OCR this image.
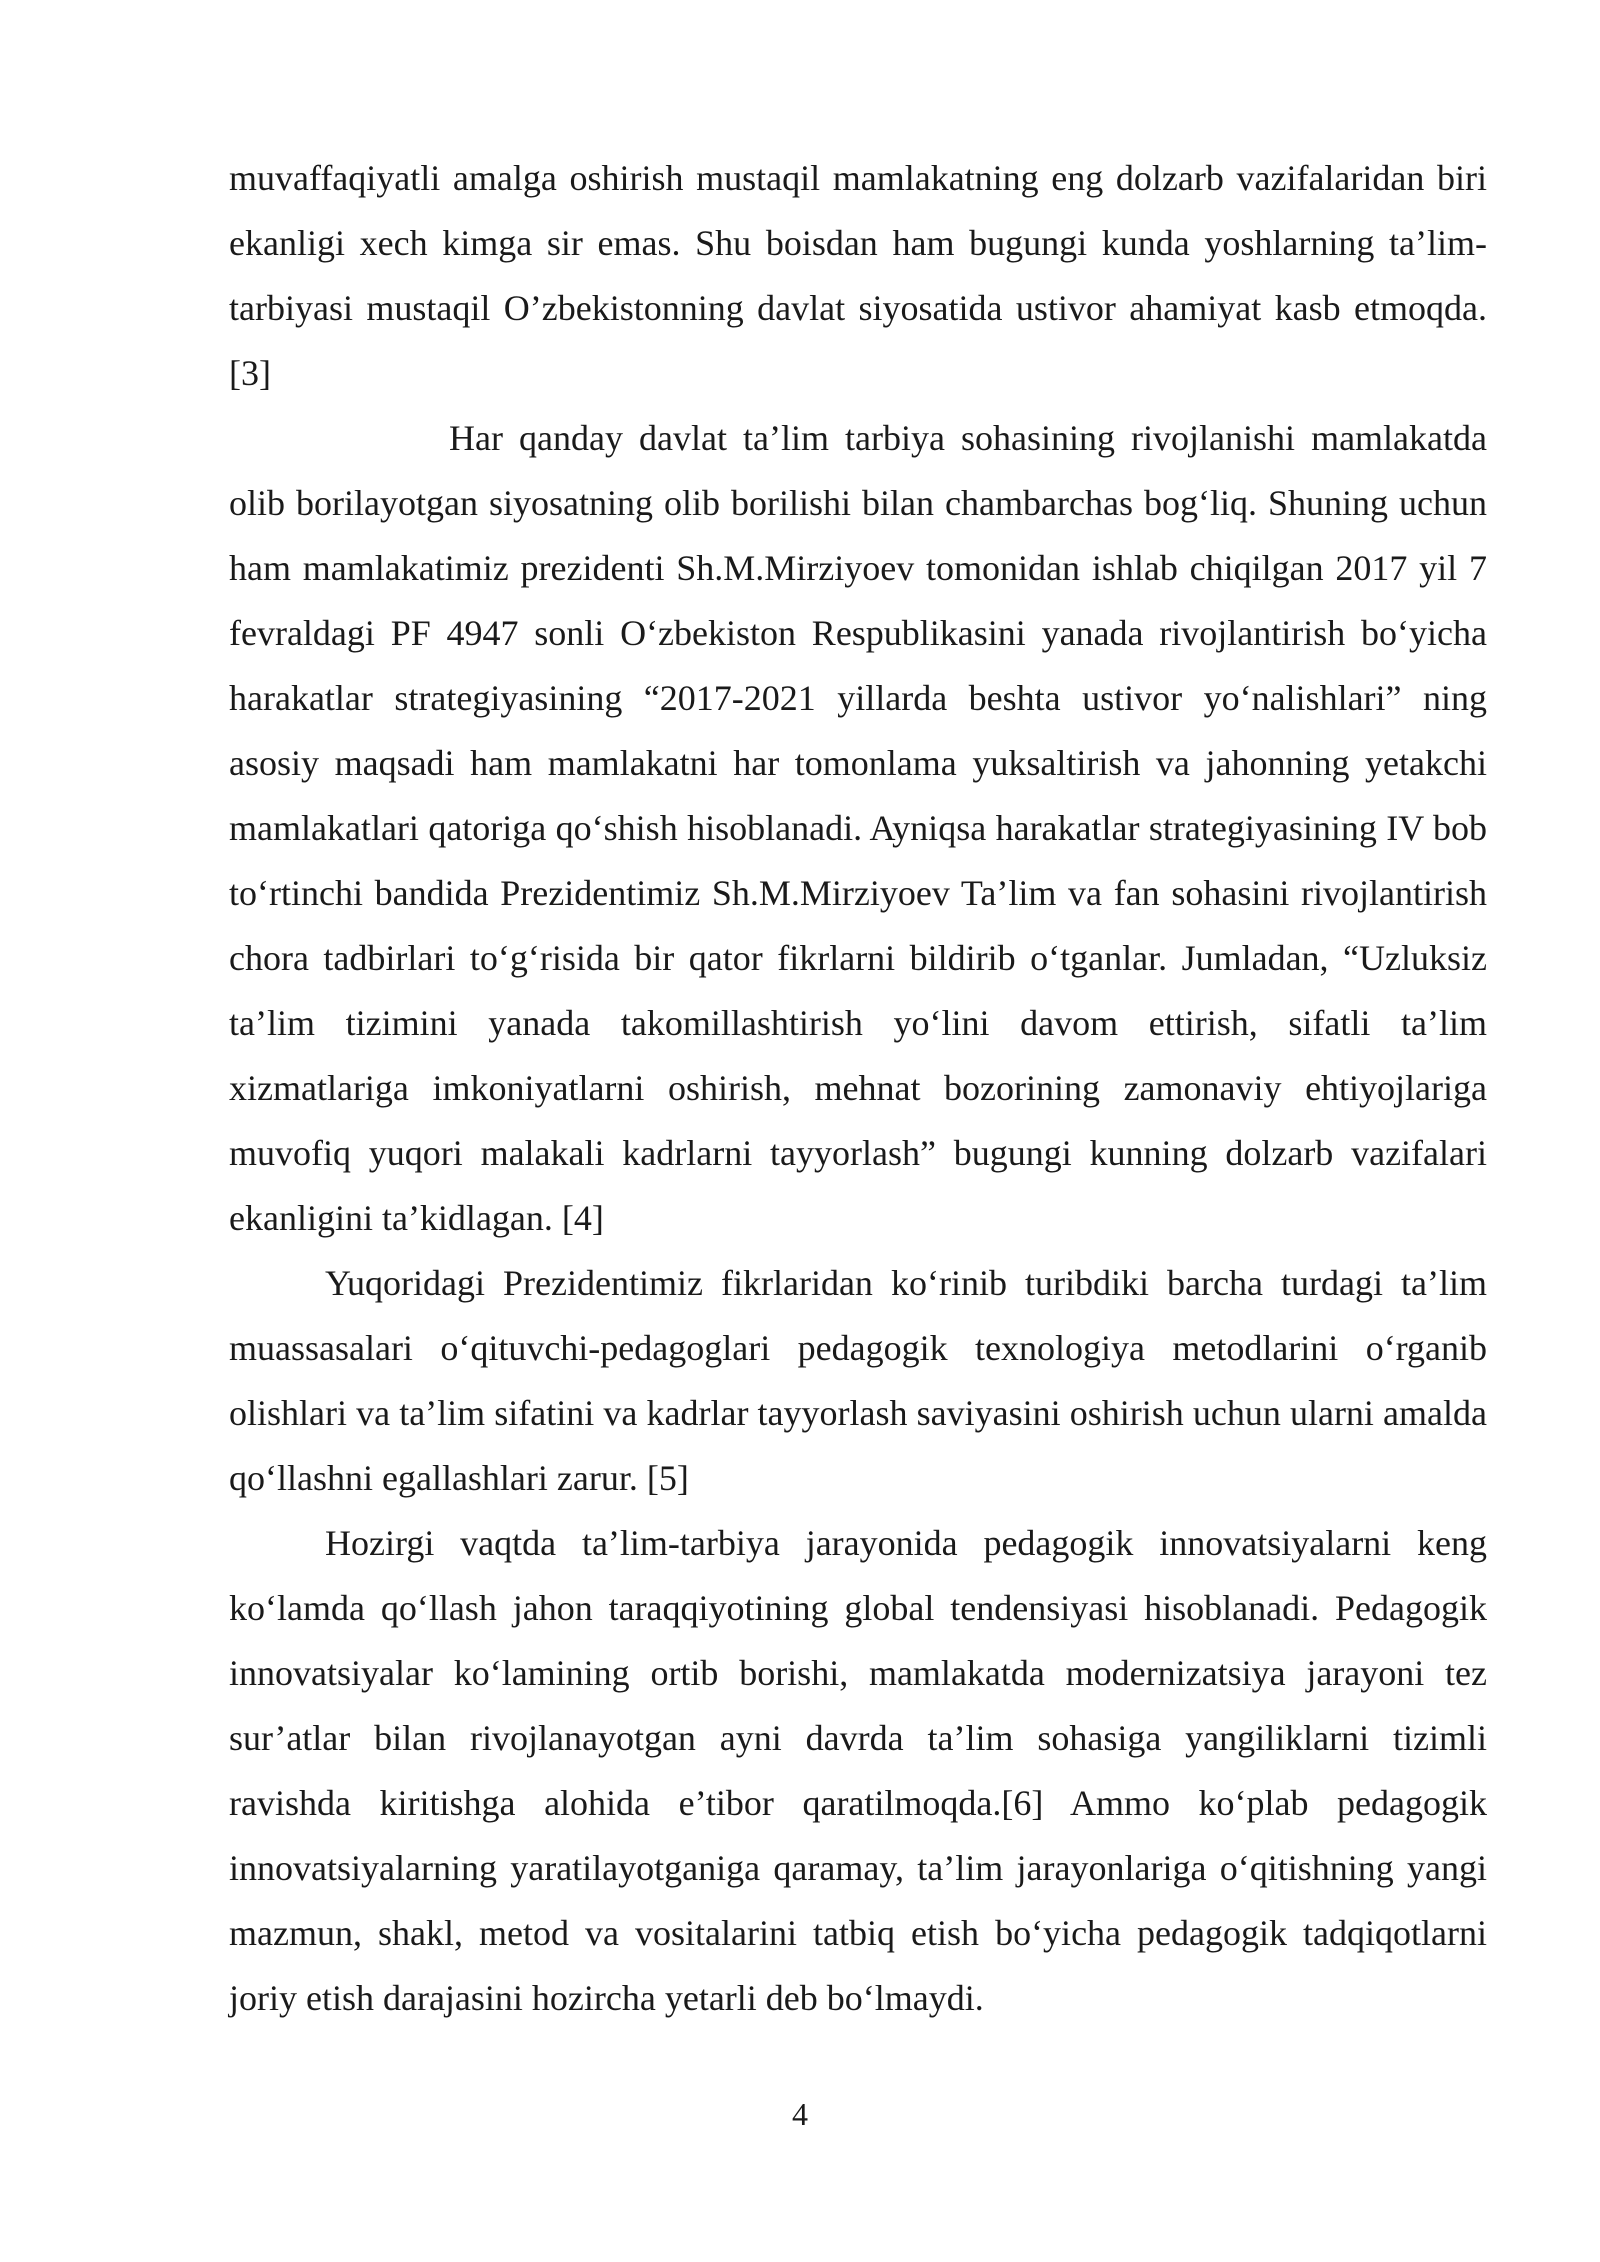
muvaffaqiyatli amalga oshirish mustaqil mamlakatning eng dolzarb vazifalaridan biri ekanligi xech kimga sir emas. Shu boisdan ham bugungi kunda yoshlarning ta’lim-tarbiyasi mustaqil O’zbekistonning davlat siyosatida ustivor ahamiyat kasb etmoqda.[3]

Har qanday davlat ta’lim tarbiya sohasining rivojlanishi mamlakatda olib borilayotgan siyosatning olib borilishi bilan chambarchas bog‘liq. Shuning uchun ham mamlakatimiz prezidenti Sh.M.Mirziyoev tomonidan ishlab chiqilgan 2017 yil 7 fevraldagi PF 4947 sonli O‘zbekiston Respublikasini yanada rivojlantirish bo‘yicha harakatlar strategiyasining “2017-2021 yillarda beshta ustivor yo‘nalishlari” ning asosiy maqsadi ham mamlakatni har tomonlama yuksaltirish va jahonning yetakchi mamlakatlari qatoriga qo‘shish hisoblanadi. Ayniqsa harakatlar strategiyasining IV bob to‘rtinchi bandida Prezidentimiz Sh.M.Mirziyoev Ta’lim va fan sohasini rivojlantirish chora tadbirlari to‘g‘risida bir qator fikrlarni bildirib o‘tganlar. Jumladan, “Uzluksiz ta’lim tizimini yanada takomillashtirish yo‘lini davom ettirish, sifatli ta’lim xizmatlariga imkoniyatlarni oshirish, mehnat bozorining zamonaviy ehtiyojlariga muvofiq yuqori malakali kadrlarni tayyorlash” bugungi kunning dolzarb vazifalari ekanligini ta’kidlagan. [4]

Yuqoridagi Prezidentimiz fikrlaridan ko‘rinib turibdiki barcha turdagi ta’lim muassasalari o‘qituvchi-pedagoglari pedagogik texnologiya metodlarini o‘rganib olishlari va ta’lim sifatini va kadrlar tayyorlash saviyasini oshirish uchun ularni amalda qo‘llashni egallashlari zarur. [5]

Hozirgi vaqtda ta’lim-tarbiya jarayonida pedagogik innovatsiyalarni keng ko‘lamda qo‘llash jahon taraqqiyotining global tendensiyasi hisoblanadi. Pedagogik innovatsiyalar ko‘lamining ortib borishi, mamlakatda modernizatsiya jarayoni tez sur’atlar bilan rivojlanayotgan ayni davrda ta’lim sohasiga yangiliklarni tizimli ravishda kiritishga alohida e’tibor qaratilmoqda.[6] Ammo ko‘plab pedagogik innovatsiyalarning yaratilayotganiga qaramay, ta’lim jarayonlariga o‘qitishning yangi mazmun, shakl, metod va vositalarini tatbiq etish bo‘yicha pedagogik tadqiqotlarni joriy etish darajasini hozircha yetarli deb bo‘lmaydi.

4
